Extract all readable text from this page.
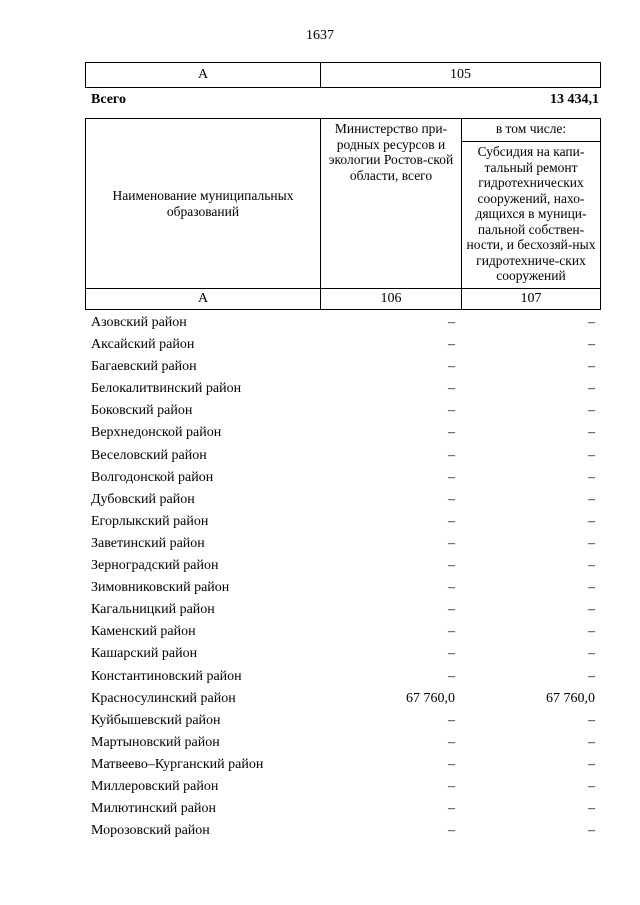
1637
А	105
Всего	13 434,1
Наименование муниципальных образований	Министерство при-родных ресурсов и экологии Ростов-ской области, всего	в том числе:
		Субсидия на капи-тальный ремонт гидротехнических сооружений, нахо-дящихся в муници-пальной собствен-ности, и бесхозяй-ных гидротехниче-ских сооружений
А	106	107
Азовский район	–	–
Аксайский район	–	–
Багаевский район	–	–
Белокалитвинский район	–	–
Боковский район	–	–
Верхнедонской район	–	–
Веселовский район	–	–
Волгодонской район	–	–
Дубовский район	–	–
Егорлыкский район	–	–
Заветинский район	–	–
Зерноградский район	–	–
Зимовниковский район	–	–
Кагальницкий район	–	–
Каменский район	–	–
Кашарский район	–	–
Константиновский район	–	–
Красносулинский район	67 760,0	67 760,0
Куйбышевский район	–	–
Мартыновский район	–	–
Матвеево–Курганский район	–	–
Миллеровский район	–	–
Милютинский район	–	–
Морозовский район	–	–
